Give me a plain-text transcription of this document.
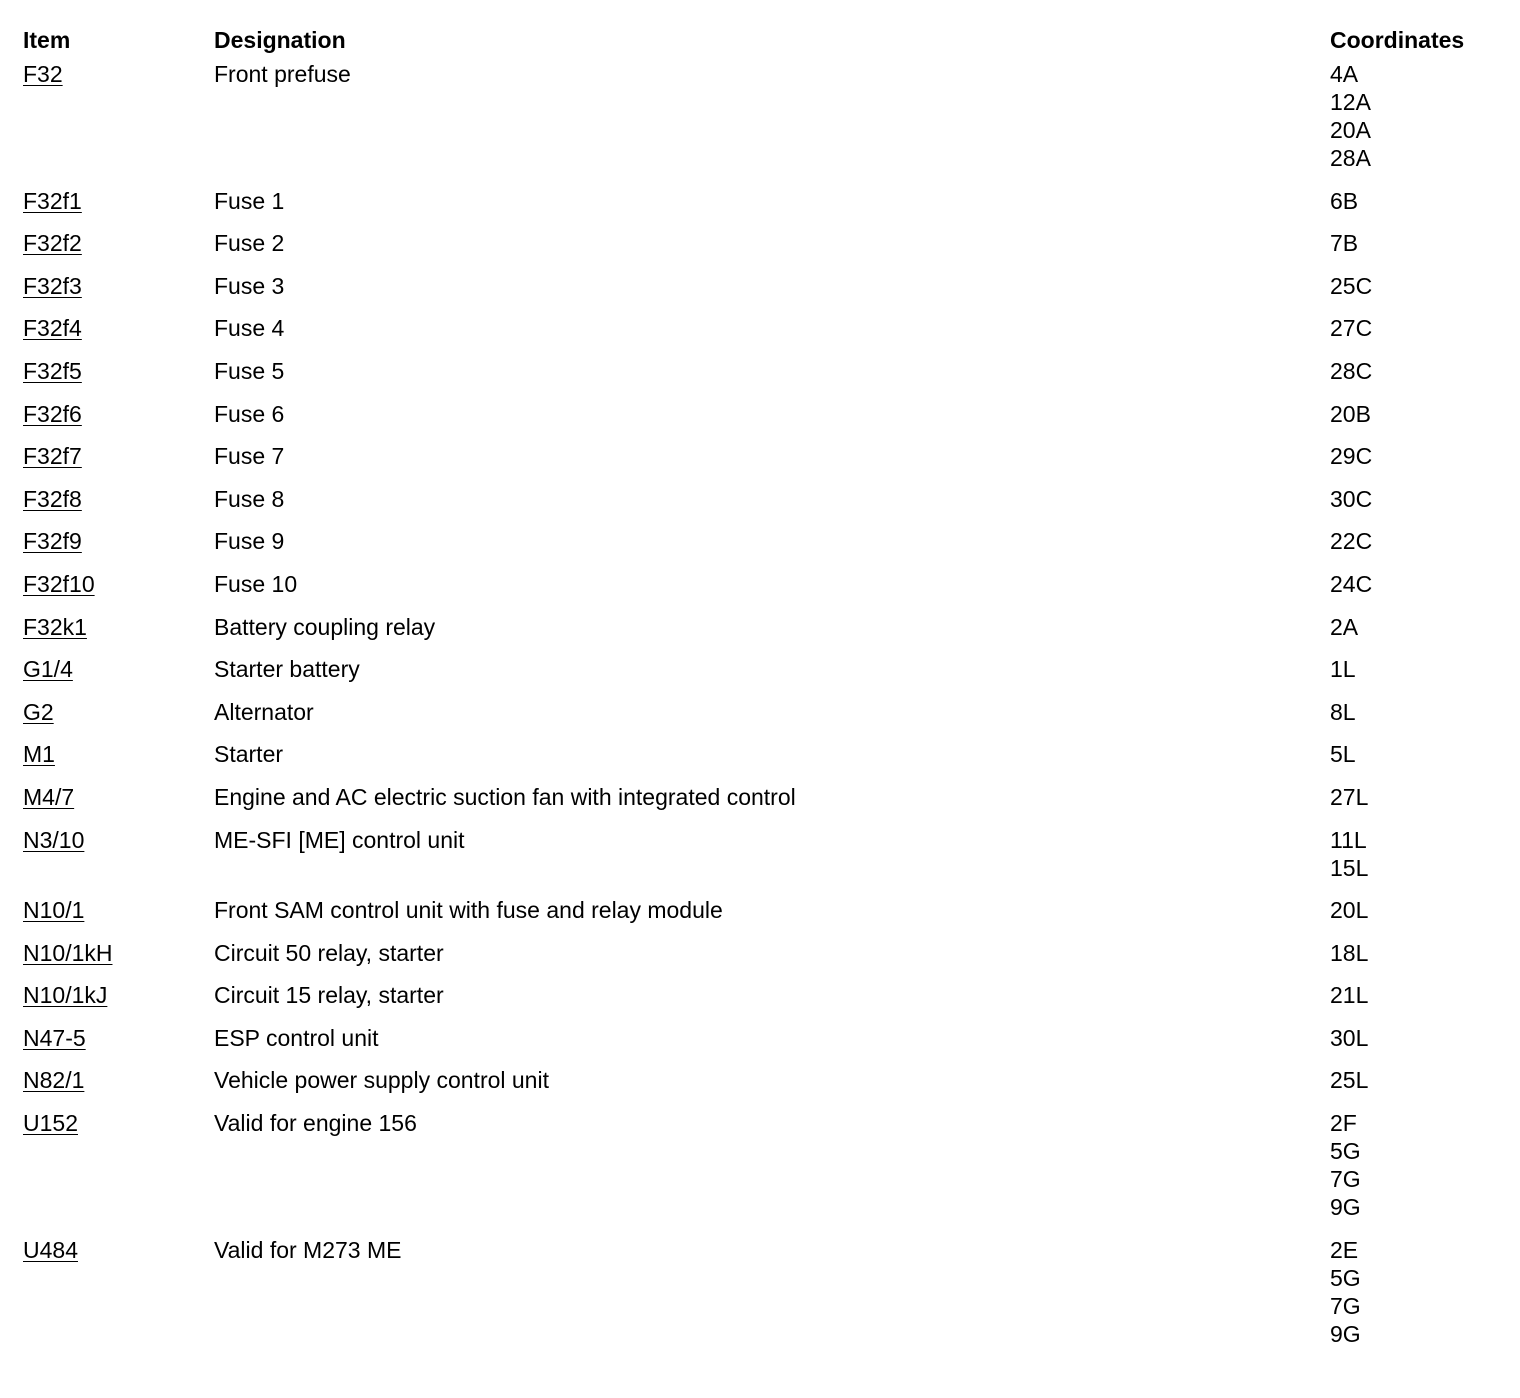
Item	Designation	Coordinates
F32	Front prefuse	4A
12A
20A
28A

F32f1	Fuse 1	6B

F32f2	Fuse 2	7B

F32f3	Fuse 3	25C

F32f4	Fuse 4	27C

F32f5	Fuse 5	28C

F32f6	Fuse 6	20B

F32f7	Fuse 7	29C

F32f8	Fuse 8	30C

F32f9	Fuse 9	22C

F32f10	Fuse 10	24C

F32k1	Battery coupling relay	2A

G1/4	Starter battery	1L

G2	Alternator	8L

M1	Starter	5L

M4/7	Engine and AC electric suction fan with integrated control	27L

N3/10	ME-SFI [ME] control unit	11L
15L

N10/1	Front SAM control unit with fuse and relay module	20L

N10/1kH	Circuit 50 relay, starter	18L

N10/1kJ	Circuit 15 relay, starter	21L

N47-5	ESP control unit	30L

N82/1	Vehicle power supply control unit	25L

U152	Valid for engine 156	2F
5G
7G
9G

U484	Valid for M273 ME	2E
5G
7G
9G
